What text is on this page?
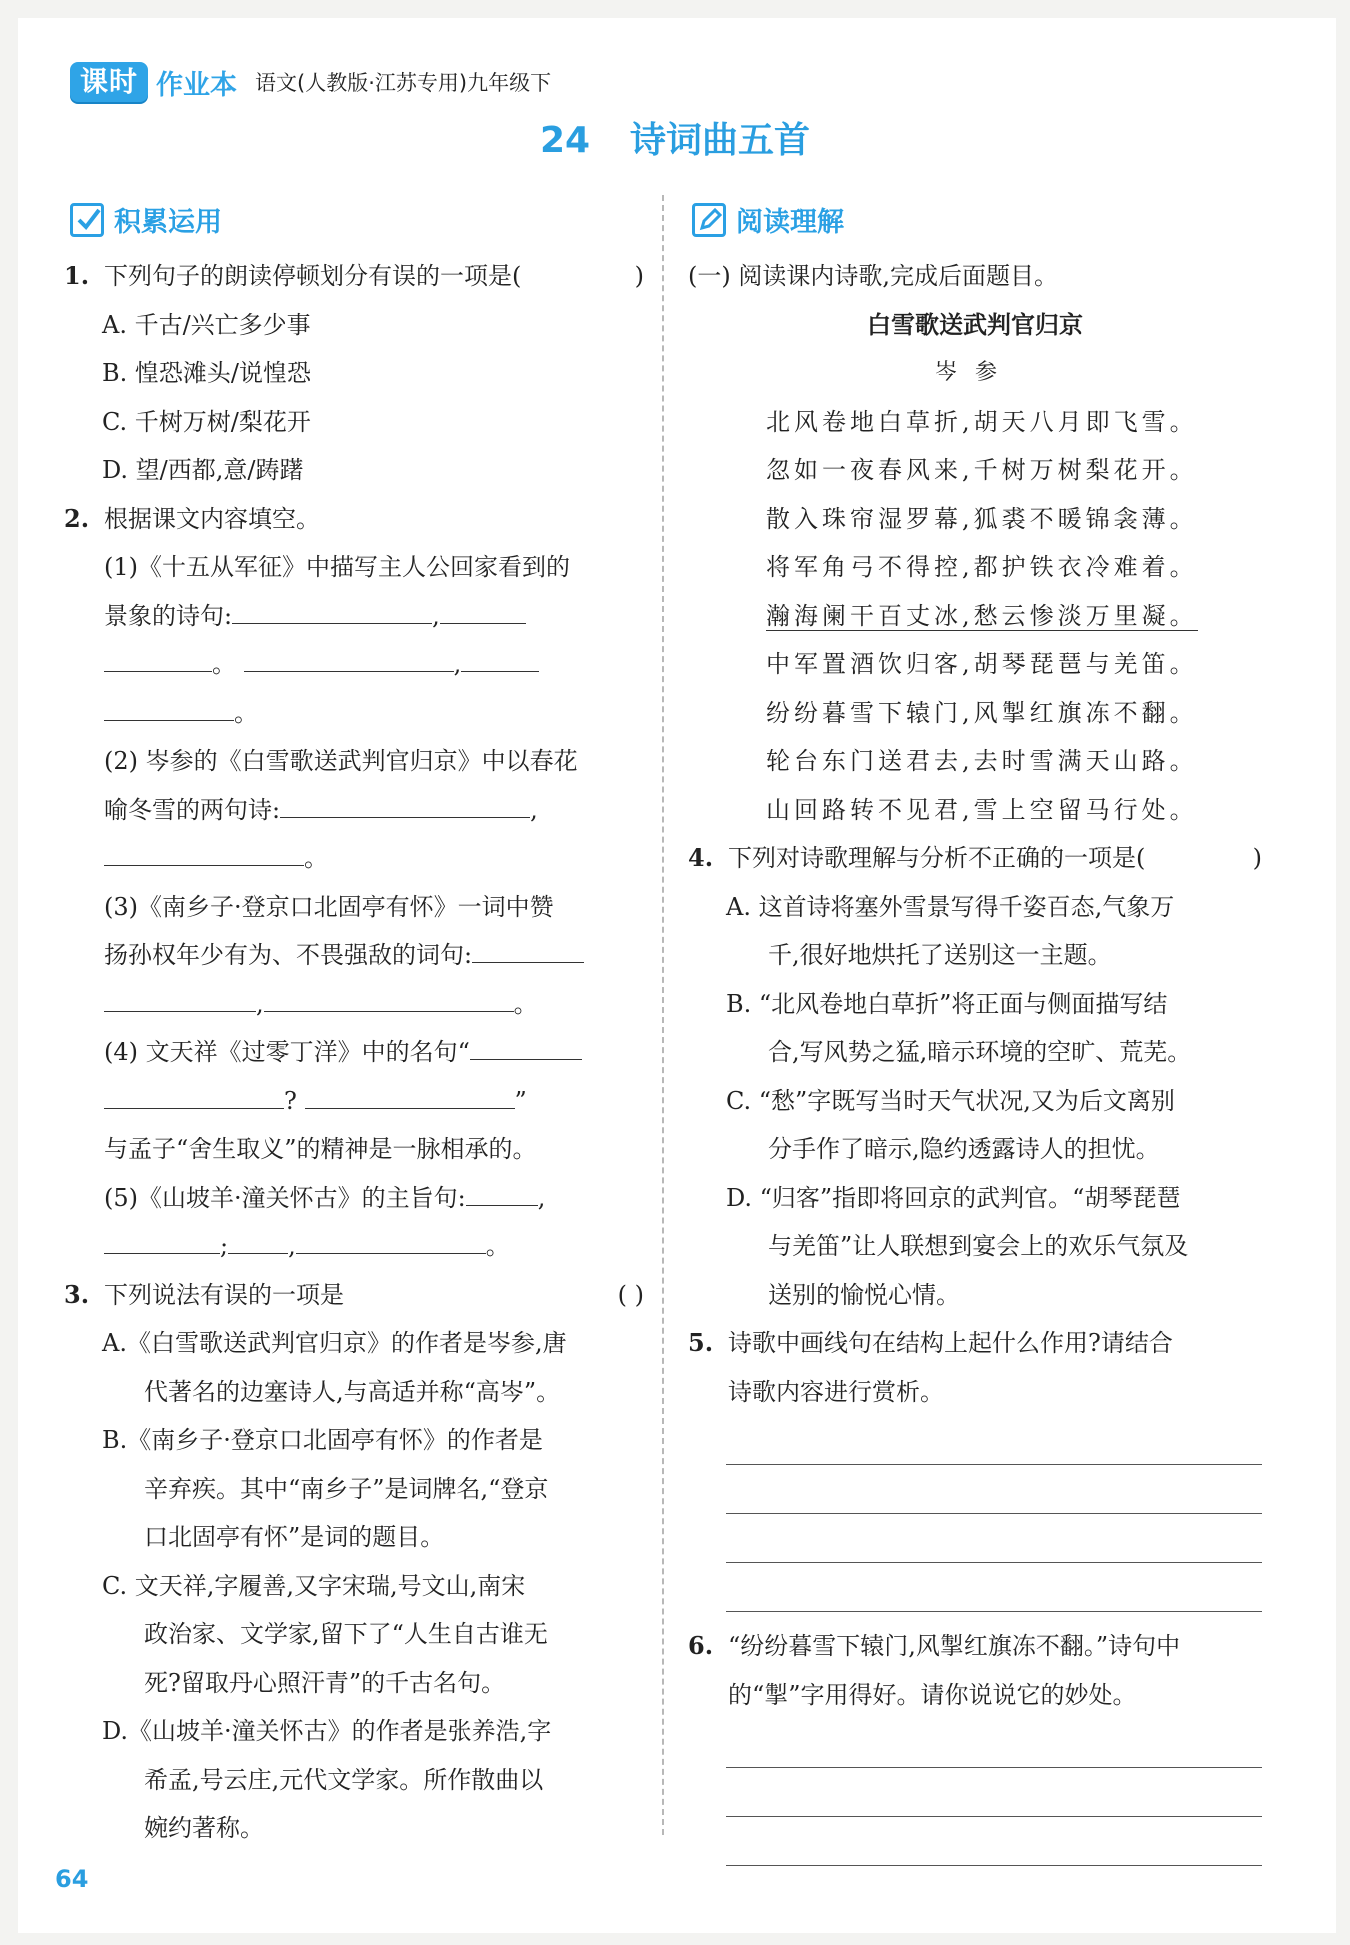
课时 作业本 语文(人教版·江苏专用)九年级下
24 诗词曲五首
积累运用	阅读理解
1. 下列句子的朗读停顿划分有误的一项是(	)
A. 千古/兴亡多少事
B. 惶恐滩头/说惶恐
C. 千树万树/梨花开
D. 望/西都,意/踌躇
2. 根据课文内容填空。
(1)《十五从军征》中描写主人公回家看到的
景象的诗句:	,
。	,
。
(2) 岑参的《白雪歌送武判官归京》中以春花
喻冬雪的两句诗:	,
。
(3)《南乡子·登京口北固亭有怀》一词中赞
扬孙权年少有为、不畏强敌的词句:
,	。
(4) 文天祥《过零丁洋》中的名句“
?	”
与孟子“舍生取义”的精神是一脉相承的。
(5)《山坡羊·潼关怀古》的主旨句:	,
;	,	。
3. 下列说法有误的一项是	( )
A.《白雪歌送武判官归京》的作者是岑参,唐
代著名的边塞诗人,与高适并称“高岑”。
B.《南乡子·登京口北固亭有怀》的作者是
辛弃疾。其中“南乡子”是词牌名,“登京
口北固亭有怀”是词的题目。
C. 文天祥,字履善,又字宋瑞,号文山,南宋
政治家、文学家,留下了“人生自古谁无
死?留取丹心照汗青”的千古名句。
D.《山坡羊·潼关怀古》的作者是张养浩,字
希孟,号云庄,元代文学家。所作散曲以
婉约著称。
(一) 阅读课内诗歌,完成后面题目。
白雪歌送武判官归京
岑参
北风卷地白草折,胡天八月即飞雪。
忽如一夜春风来,千树万树梨花开。
散入珠帘湿罗幕,狐裘不暖锦衾薄。
将军角弓不得控,都护铁衣冷难着。
瀚海阑干百丈冰,愁云惨淡万里凝。
中军置酒饮归客,胡琴琵琶与羌笛。
纷纷暮雪下辕门,风掣红旗冻不翻。
轮台东门送君去,去时雪满天山路。
山回路转不见君,雪上空留马行处。
4. 下列对诗歌理解与分析不正确的一项是(	)
A. 这首诗将塞外雪景写得千姿百态,气象万
千,很好地烘托了送别这一主题。
B. “北风卷地白草折”将正面与侧面描写结
合,写风势之猛,暗示环境的空旷、荒芜。
C. “愁”字既写当时天气状况,又为后文离别
分手作了暗示,隐约透露诗人的担忧。
D. “归客”指即将回京的武判官。“胡琴琵琶
与羌笛”让人联想到宴会上的欢乐气氛及
送别的愉悦心情。
5. 诗歌中画线句在结构上起什么作用?请结合
诗歌内容进行赏析。
6. “纷纷暮雪下辕门,风掣红旗冻不翻。”诗句中
的“掣”字用得好。请你说说它的妙处。
64
